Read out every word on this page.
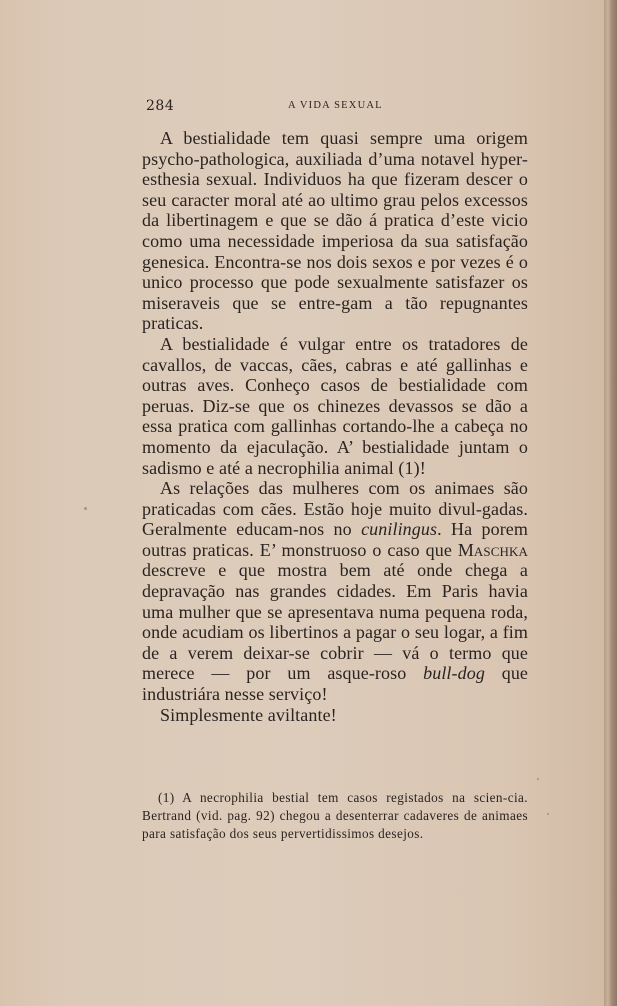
284	A VIDA SEXUAL

A bestialidade tem quasi sempre uma origem psycho-pathologica, auxiliada d’uma notavel hyper-esthesia sexual. Individuos ha que fizeram descer o seu caracter moral até ao ultimo grau pelos excessos da libertinagem e que se dão á pratica d’este vicio como uma necessidade imperiosa da sua satisfação genesica. Encontra-se nos dois sexos e por vezes é o unico processo que pode sexualmente satisfazer os miseraveis que se entre-gam a tão repugnantes praticas.

A bestialidade é vulgar entre os tratadores de cavallos, de vaccas, cães, cabras e até gallinhas e outras aves. Conheço casos de bestialidade com peruas. Diz-se que os chinezes devassos se dão a essa pratica com gallinhas cortando-lhe a cabeça no momento da ejaculação. A’ bestialidade juntam o sadismo e até a necrophilia animal (1)!

As relações das mulheres com os animaes são praticadas com cães. Estão hoje muito divul-gadas. Geralmente educam-nos no cunilingus. Ha porem outras praticas. E’ monstruoso o caso que Maschka descreve e que mostra bem até onde chega a depravação nas grandes cidades. Em Paris havia uma mulher que se apresentava numa pequena roda, onde acudiam os libertinos a pagar o seu logar, a fim de a verem deixar-se cobrir — vá o termo que merece — por um asque-roso bull-dog que industriára nesse serviço!

Simplesmente aviltante!

(1) A necrophilia bestial tem casos registados na scien-cia. Bertrand (vid. pag. 92) chegou a desenterrar cadaveres de animaes para satisfação dos seus pervertidissimos desejos.
